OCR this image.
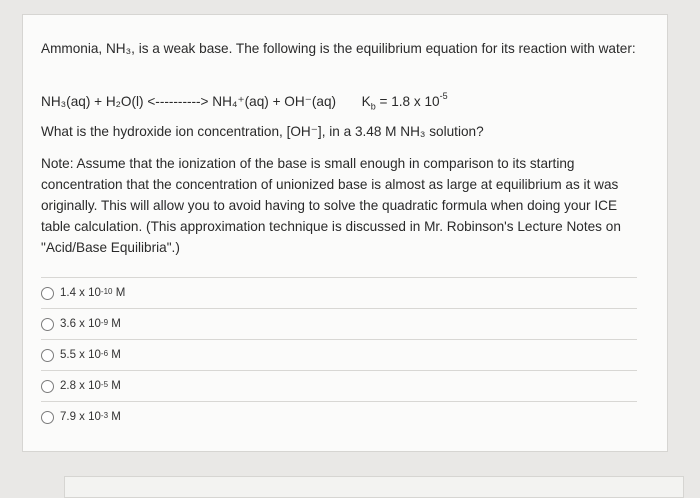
Ammonia, NH₃, is a weak base. The following is the equilibrium equation for its reaction with water:
NH₃(aq) + H₂O(l) <----------> NH₄⁺(aq) + OH⁻(aq) $K_b = 1.8$ x $10^{-5}$
What is the hydroxide ion concentration, [OH⁻], in a 3.48 M NH₃ solution?
Note: Assume that the ionization of the base is small enough in comparison to its starting concentration that the concentration of unionized base is almost as large at equilibrium as it was originally. This will allow you to avoid having to solve the quadratic formula when doing your ICE table calculation. (This approximation technique is discussed in Mr. Robinson's Lecture Notes on "Acid/Base Equilibria".)
1.4 x $10^{-10}$
M
3.6 x $10^{-9}$
M
5.5 x $10^{-6}$
M
2.8 x $10^{-5}$
M
7.9 x $10^{-3}$
M
